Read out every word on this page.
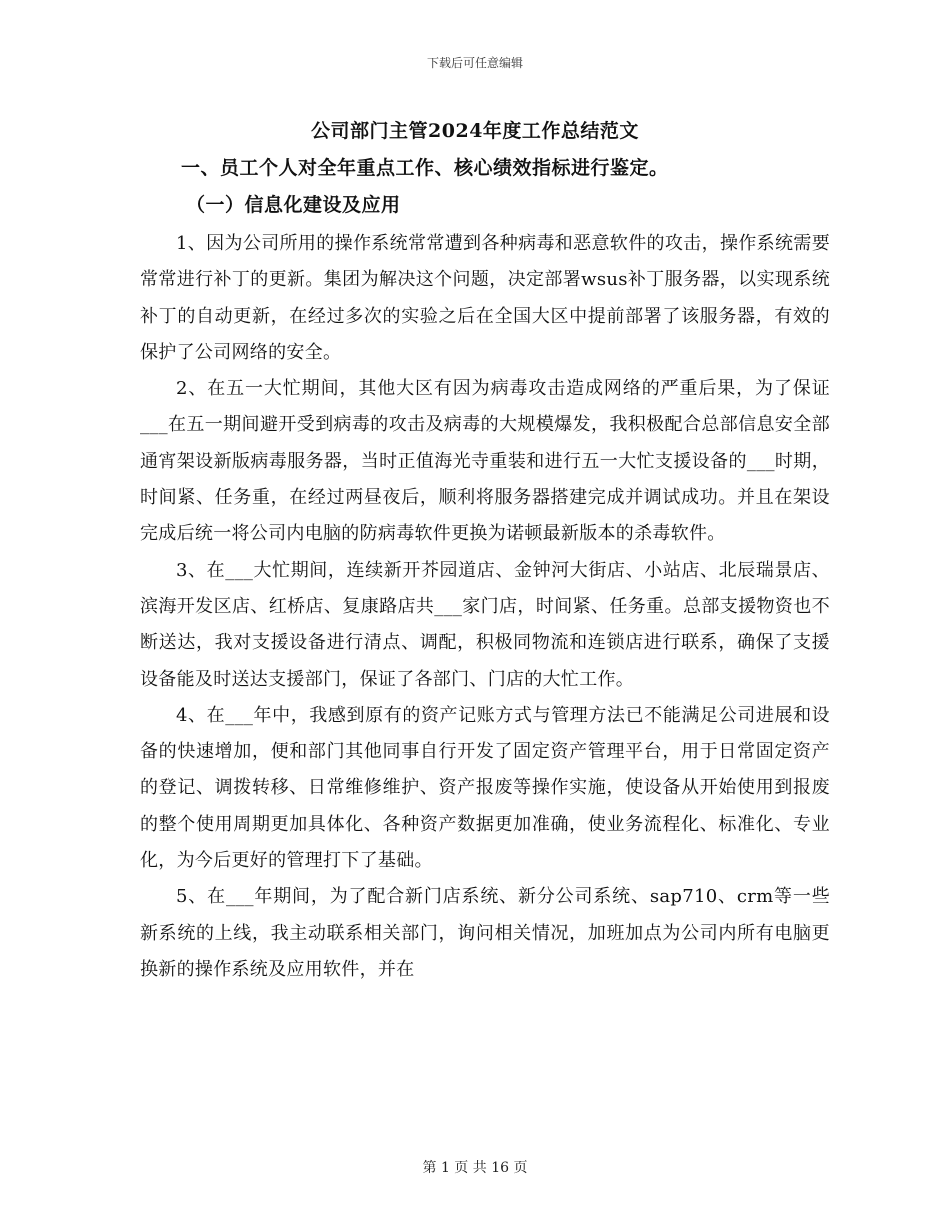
下载后可任意编辑
公司部门主管2024年度工作总结范文
一、员工个人对全年重点工作、核心绩效指标进行鉴定。
（一）信息化建设及应用

1、因为公司所用的操作系统常常遭到各种病毒和恶意软件的攻击，操作系统需要常常进行补丁的更新。集团为解决这个问题，决定部署wsus补丁服务器，以实现系统补丁的自动更新，在经过多次的实验之后在全国大区中提前部署了该服务器，有效的保护了公司网络的安全。

2、在五一大忙期间，其他大区有因为病毒攻击造成网络的严重后果，为了保证___在五一期间避开受到病毒的攻击及病毒的大规模爆发，我积极配合总部信息安全部通宵架设新版病毒服务器，当时正值海光寺重装和进行五一大忙支援设备的___时期，时间紧、任务重，在经过两昼夜后，顺利将服务器搭建完成并调试成功。并且在架设完成后统一将公司内电脑的防病毒软件更换为诺顿最新版本的杀毒软件。

3、在___大忙期间，连续新开芥园道店、金钟河大街店、小站店、北辰瑞景店、滨海开发区店、红桥店、复康路店共___家门店，时间紧、任务重。总部支援物资也不断送达，我对支援设备进行清点、调配，积极同物流和连锁店进行联系，确保了支援设备能及时送达支援部门，保证了各部门、门店的大忙工作。

4、在___年中，我感到原有的资产记账方式与管理方法已不能满足公司进展和设备的快速增加，便和部门其他同事自行开发了固定资产管理平台，用于日常固定资产的登记、调拨转移、日常维修维护、资产报废等操作实施，使设备从开始使用到报废的整个使用周期更加具体化、各种资产数据更加准确，使业务流程化、标准化、专业化，为今后更好的管理打下了基础。

5、在___年期间，为了配合新门店系统、新分公司系统、sap710、crm等一些新系统的上线，我主动联系相关部门，询问相关情况，加班加点为公司内所有电脑更换新的操作系统及应用软件，并在

第 1 页 共 16 页
